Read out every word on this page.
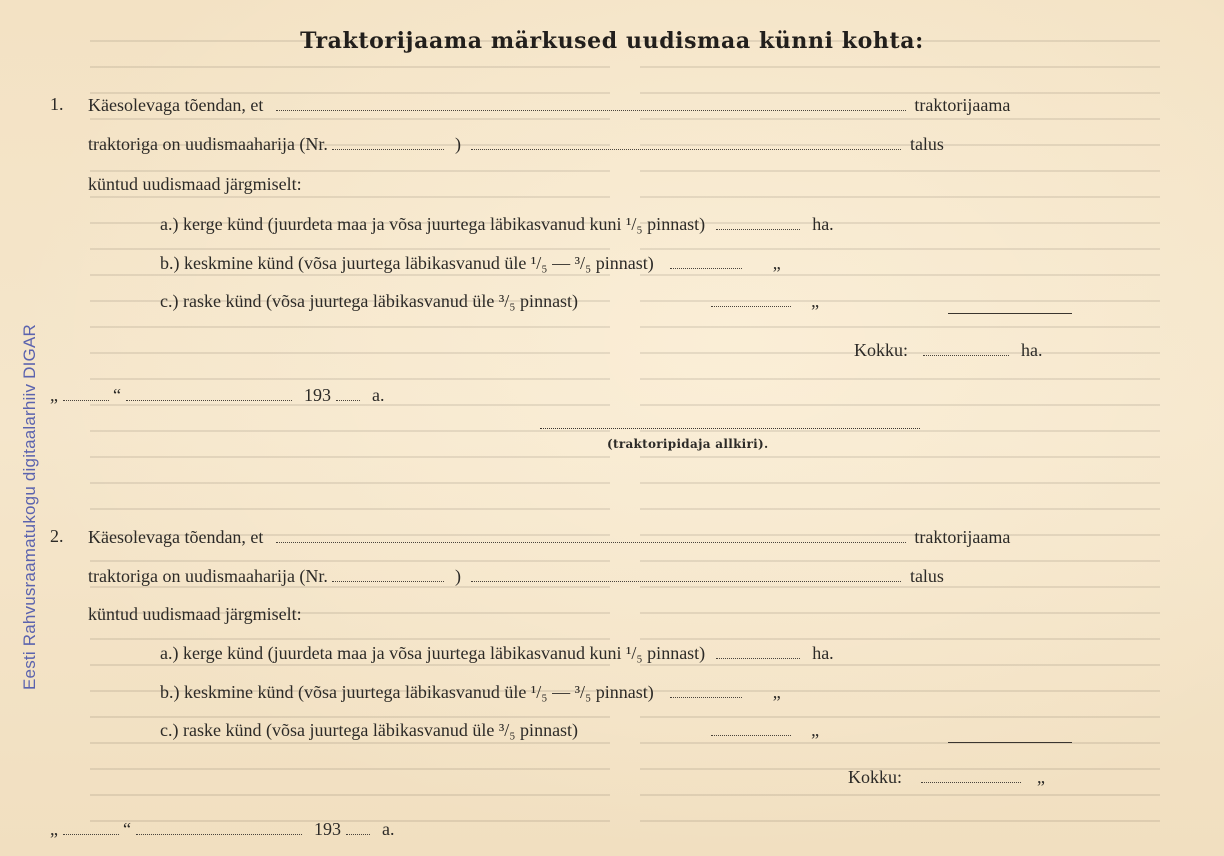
Eesti Rahvusraamatukogu digitaalarhiiv DIGAR
Traktorijaama märkused uudismaa künni kohta:
1. Käesolevaga tõendan, et	traktorijaama
traktoriga on uudismaaharija (Nr.	)	talus
küntud uudismaad järgmiselt:
a.) kerge künd (juurdeta maa ja võsa juurtega läbikasvanud kuni ¹/₅ pinnast)	ha.
b.) keskmine künd (võsa juurtega läbikasvanud üle ¹/₅ — ³/₅ pinnast)	„
c.) raske künd (võsa juurtega läbikasvanud üle ³/₅ pinnast)	„
Kokku:	ha.
„	“	193 a.
(traktoripidaja allkiri).
2. Käesolevaga tõendan, et	traktorijaama
traktoriga on uudismaaharija (Nr.	)	talus
küntud uudismaad järgmiselt:
a.) kerge künd (juurdeta maa ja võsa juurtega läbikasvanud kuni ¹/₅ pinnast)	ha.
b.) keskmine künd (võsa juurtega läbikasvanud üle ¹/₅ — ³/₅ pinnast)	„
c.) raske künd (võsa juurtega läbikasvanud üle ³/₅ pinnast)	„
Kokku:	„
„	“	193 a.
